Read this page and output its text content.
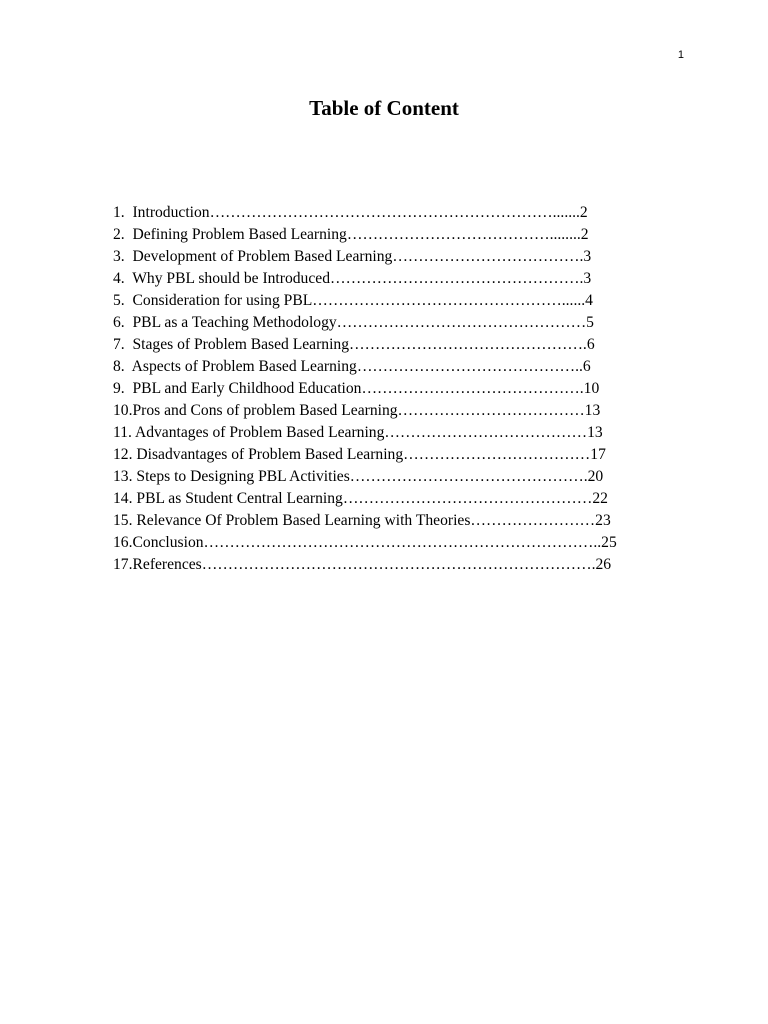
1
Table of Content
1.  Introduction………………………………………………………….......2
2.  Defining Problem Based Learning…………………………………........2
3.  Development of Problem Based Learning……………………………….3
4.  Why PBL should be Introduced………………………………………….3
5.  Consideration for using PBL…………………………………………......4
6.  PBL as a Teaching Methodology…………………………………………5
7.  Stages of Problem Based Learning……………………………………….6
8.  Aspects of Problem Based Learning……………………………………..6
9.  PBL and Early Childhood Education…………………………………….10
10.Pros and Cons of problem Based Learning………………………………13
11. Advantages of Problem Based Learning…………………………………13
12. Disadvantages of Problem Based Learning………………………………17
13. Steps to Designing PBL Activities……………………………………….20
14. PBL as Student Central Learning…………………………………………22
15. Relevance Of Problem Based Learning with Theories……………………23
16.Conclusion…………………………………………………………………..25
17.References………………………………………………………………….26
